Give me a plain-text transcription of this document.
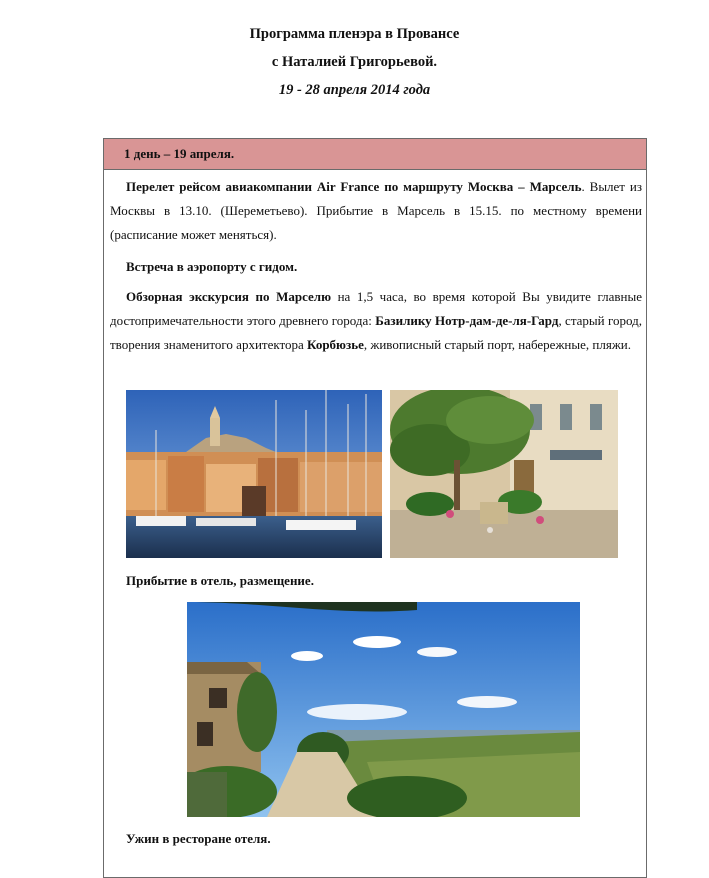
Программа пленэра в Провансе
с Наталией Григорьевой.
19 - 28 апреля 2014 года
1 день – 19 апреля.
Перелет рейсом авиакомпании Air France по маршруту Москва – Марсель. Вылет из Москвы в 13.10. (Шереметьево). Прибытие в Марсель в 15.15. по местному времени (расписание может меняться).
Встреча в аэропорту с гидом.
Обзорная экскурсия по Марселю на 1,5 часа, во время которой Вы увидите главные достопримечательности этого древнего города: Базилику Нотр-дам-де-ля-Гард, старый город, творения знаменитого архитектора Корбюзье, живописный старый порт, набережные, пляжи.
Прибытие в отель, размещение.
Ужин в ресторане отеля.
